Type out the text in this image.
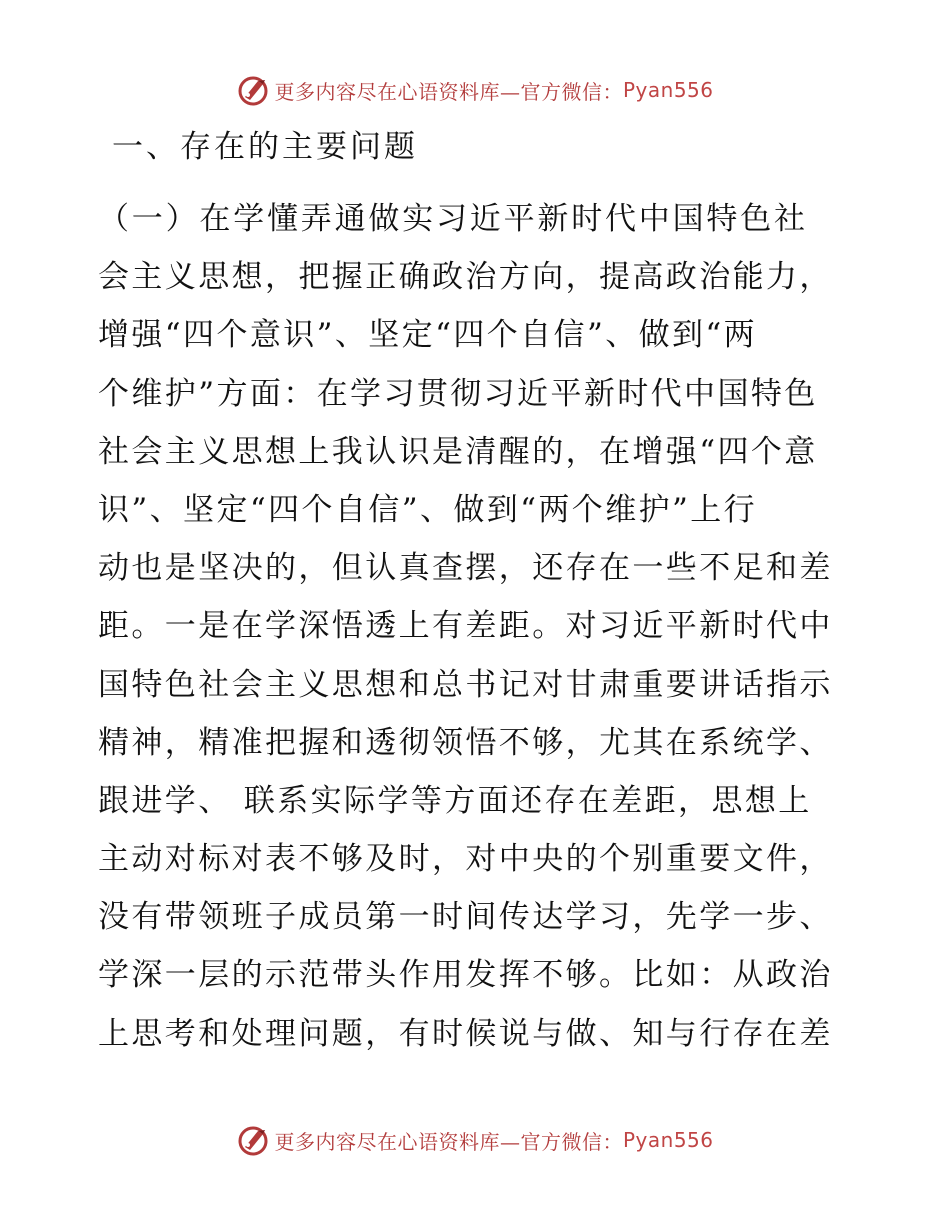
更多内容尽在心语资料库—官方微信： Pyan556
一、存在的主要问题
（一）在学懂弄通做实习近平新时代中国特色社
会主义思想，把握正确政治方向，提高政治能力，
增强“四个意识”、坚定“四个自信”、做到“两
个维护”方面：在学习贯彻习近平新时代中国特色
社会主义思想上我认识是清醒的，在增强“四个意
识”、坚定“四个自信”、做到“两个维护”上行
动也是坚决的，但认真查摆，还存在一些不足和差
距。一是在学深悟透上有差距。对习近平新时代中
国特色社会主义思想和总书记对甘肃重要讲话指示
精神，精准把握和透彻领悟不够，尤其在系统学、
跟进学、 联系实际学等方面还存在差距，思想上
主动对标对表不够及时，对中央的个别重要文件，
没有带领班子成员第一时间传达学习，先学一步、
学深一层的示范带头作用发挥不够。比如：从政治
上思考和处理问题，有时候说与做、知与行存在差
更多内容尽在心语资料库—官方微信： Pyan556
